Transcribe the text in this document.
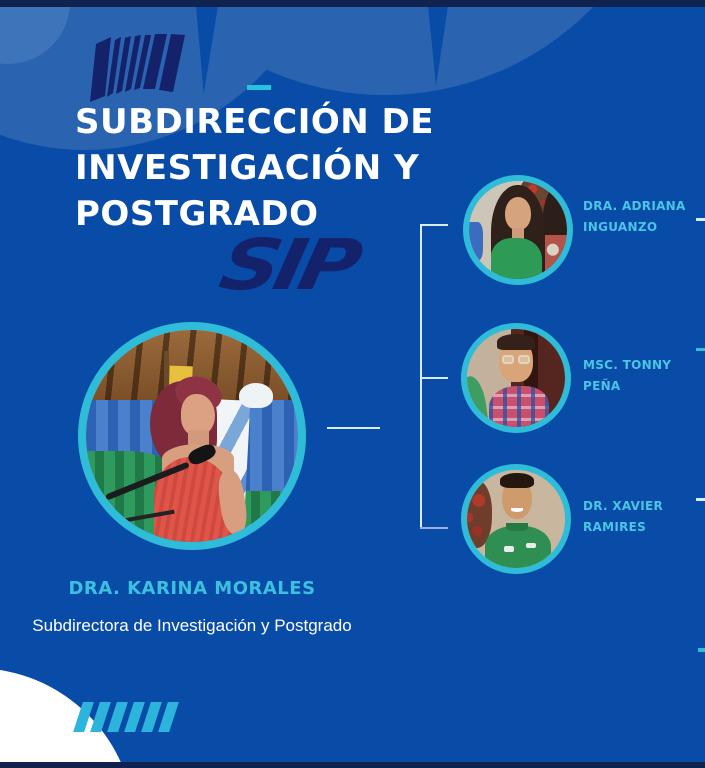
SUBDIRECCIÓN DE
INVESTIGACIÓN Y
POSTGRADO
SIP
DRA. ADRIANA INGUANZO
MSC. TONNY PEÑA
DR. XAVIER RAMIRES
DRA. KARINA MORALES
Subdirectora de Investigación y Postgrado
